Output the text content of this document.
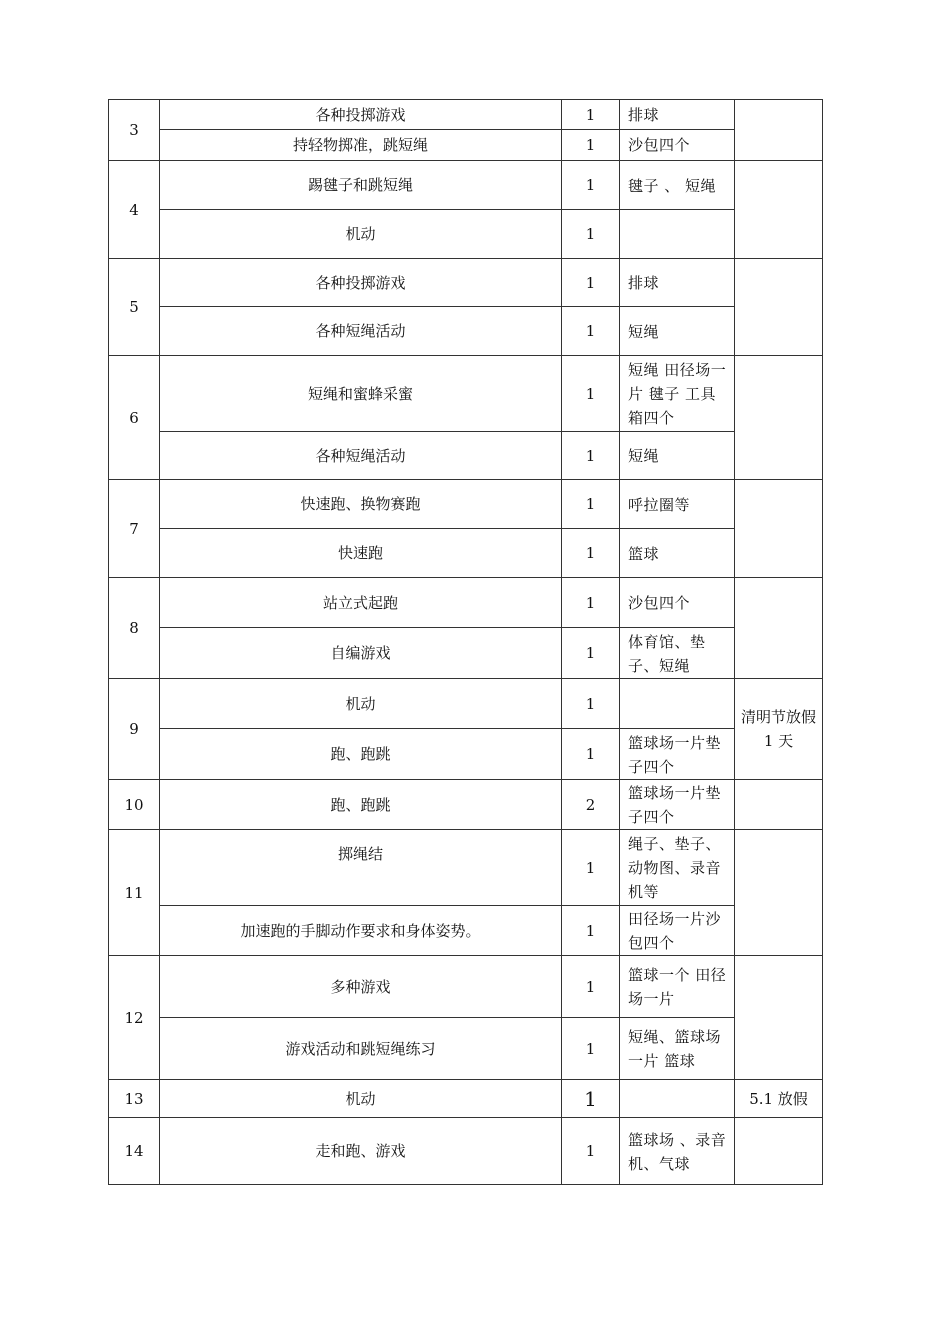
3	各种投掷游戏	1	排球	
	持轻物掷准，跳短绳	1	沙包四个	
4	踢毽子和跳短绳	1	毽子 、 短绳	
	机动	1		
5	各种投掷游戏	1	排球	
	各种短绳活动	1	短绳	
6	短绳和蜜蜂采蜜	1	短绳 田径场一片 毽子 工具箱四个	
	各种短绳活动	1	短绳	
7	快速跑、换物赛跑	1	呼拉圈等	
	快速跑	1	篮球	
8	站立式起跑	1	沙包四个	
	自编游戏	1	体育馆、垫子、短绳	
9	机动	1		清明节放假 1 天
	跑、跑跳	1	篮球场一片垫子四个	
10	跑、跑跳	2	篮球场一片垫子四个	
11	掷绳结	1	绳子、垫子、动物图、录音机等	
	加速跑的手脚动作要求和身体姿势。	1	田径场一片沙包四个	
12	多种游戏	1	篮球一个 田径场一片	
	游戏活动和跳短绳练习	1	短绳、篮球场一片 篮球	
13	机动	1		5.1 放假
14	走和跑、游戏	1	篮球场 、录音机、气球	
